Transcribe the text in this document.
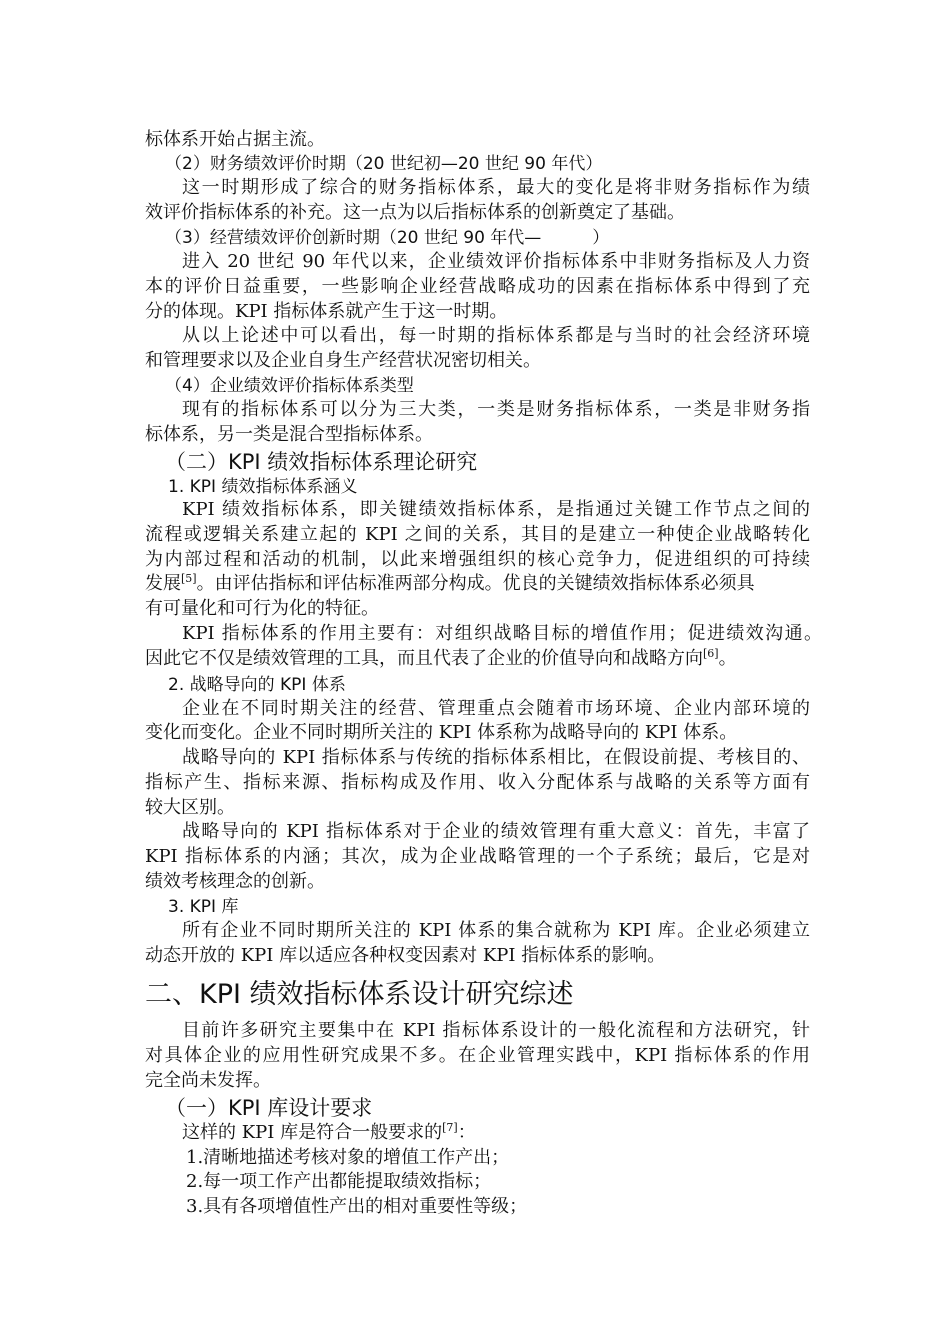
标体系开始占据主流。
（2）财务绩效评价时期（20 世纪初—20 世纪 90 年代）
这一时期形成了综合的财务指标体系，最大的变化是将非财务指标作为绩
效评价指标体系的补充。这一点为以后指标体系的创新奠定了基础。
（3）经营绩效评价创新时期（20 世纪 90 年代—　　　）
进入 20 世纪 90 年代以来，企业绩效评价指标体系中非财务指标及人力资
本的评价日益重要，一些影响企业经营战略成功的因素在指标体系中得到了充
分的体现。KPI 指标体系就产生于这一时期。
从以上论述中可以看出，每一时期的指标体系都是与当时的社会经济环境
和管理要求以及企业自身生产经营状况密切相关。
（4）企业绩效评价指标体系类型
现有的指标体系可以分为三大类，一类是财务指标体系，一类是非财务指
标体系，另一类是混合型指标体系。
（二）KPI 绩效指标体系理论研究
1. KPI 绩效指标体系涵义
KPI 绩效指标体系，即关键绩效指标体系，是指通过关键工作节点之间的
流程或逻辑关系建立起的 KPI 之间的关系，其目的是建立一种使企业战略转化
为内部过程和活动的机制，以此来增强组织的核心竞争力，促进组织的可持续
发展[5]。由评估指标和评估标准两部分构成。优良的关键绩效指标体系必须具
有可量化和可行为化的特征。
KPI 指标体系的作用主要有：对组织战略目标的增值作用；促进绩效沟通。
因此它不仅是绩效管理的工具，而且代表了企业的价值导向和战略方向[6]。
2. 战略导向的 KPI 体系
企业在不同时期关注的经营、管理重点会随着市场环境、企业内部环境的
变化而变化。企业不同时期所关注的 KPI 体系称为战略导向的 KPI 体系。
战略导向的 KPI 指标体系与传统的指标体系相比，在假设前提、考核目的、
指标产生、指标来源、指标构成及作用、收入分配体系与战略的关系等方面有
较大区别。
战略导向的 KPI 指标体系对于企业的绩效管理有重大意义：首先，丰富了
KPI 指标体系的内涵；其次，成为企业战略管理的一个子系统；最后，它是对
绩效考核理念的创新。
3. KPI 库
所有企业不同时期所关注的 KPI 体系的集合就称为 KPI 库。企业必须建立
动态开放的 KPI 库以适应各种权变因素对 KPI 指标体系的影响。
二、KPI 绩效指标体系设计研究综述
目前许多研究主要集中在 KPI 指标体系设计的一般化流程和方法研究，针
对具体企业的应用性研究成果不多。在企业管理实践中，KPI 指标体系的作用
完全尚未发挥。
（一）KPI 库设计要求
这样的 KPI 库是符合一般要求的[7]：
1.清晰地描述考核对象的增值工作产出；
2.每一项工作产出都能提取绩效指标；
3.具有各项增值性产出的相对重要性等级；
